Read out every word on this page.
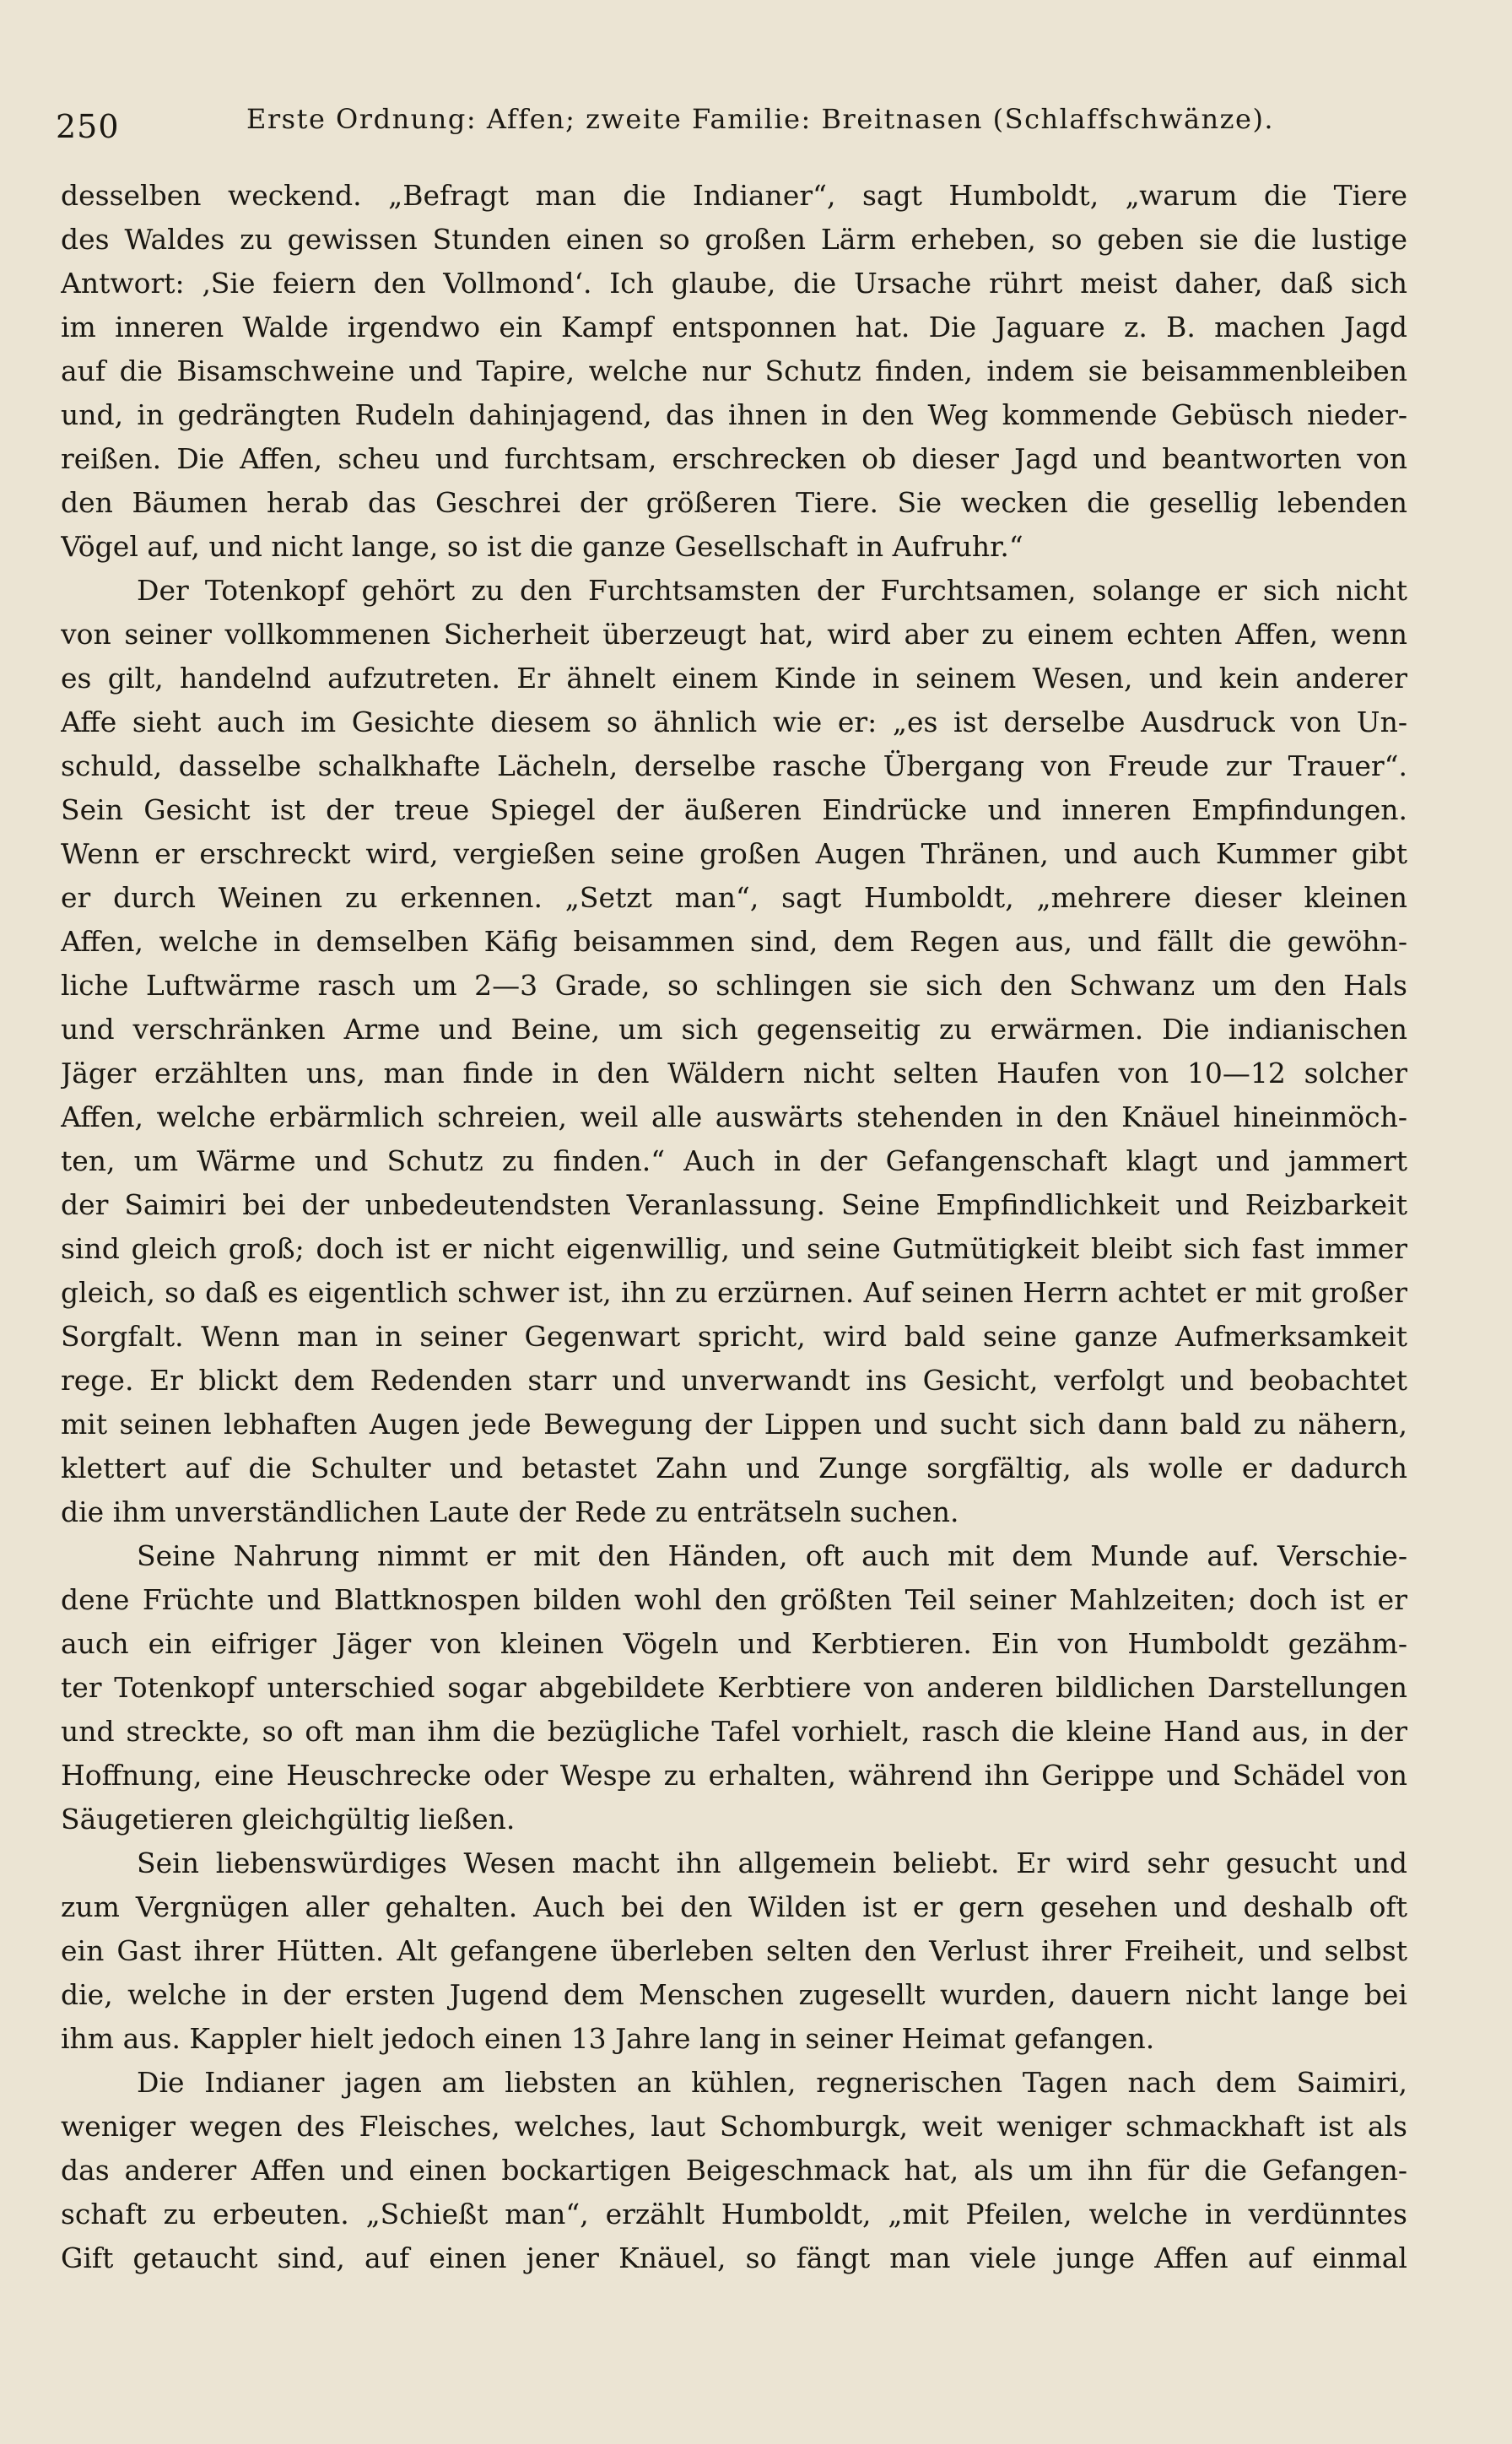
250	Erste Ordnung: Affen; zweite Familie: Breitnasen (Schlaffschwänze).
desselben weckend. „Befragt man die Indianer“, sagt Humboldt, „warum die Tiere
des Waldes zu gewissen Stunden einen so großen Lärm erheben, so geben sie die lustige
Antwort: ‚Sie feiern den Vollmond‘. Ich glaube, die Ursache rührt meist daher, daß sich
im inneren Walde irgendwo ein Kampf entsponnen hat. Die Jaguare z. B. machen Jagd
auf die Bisamschweine und Tapire, welche nur Schutz finden, indem sie beisammenbleiben
und, in gedrängten Rudeln dahinjagend, das ihnen in den Weg kommende Gebüsch nieder-
reißen. Die Affen, scheu und furchtsam, erschrecken ob dieser Jagd und beantworten von
den Bäumen herab das Geschrei der größeren Tiere. Sie wecken die gesellig lebenden
Vögel auf, und nicht lange, so ist die ganze Gesellschaft in Aufruhr.“
Der Totenkopf gehört zu den Furchtsamsten der Furchtsamen, solange er sich nicht
von seiner vollkommenen Sicherheit überzeugt hat, wird aber zu einem echten Affen, wenn
es gilt, handelnd aufzutreten. Er ähnelt einem Kinde in seinem Wesen, und kein anderer
Affe sieht auch im Gesichte diesem so ähnlich wie er: „es ist derselbe Ausdruck von Un-
schuld, dasselbe schalkhafte Lächeln, derselbe rasche Übergang von Freude zur Trauer“.
Sein Gesicht ist der treue Spiegel der äußeren Eindrücke und inneren Empfindungen.
Wenn er erschreckt wird, vergießen seine großen Augen Thränen, und auch Kummer gibt
er durch Weinen zu erkennen. „Setzt man“, sagt Humboldt, „mehrere dieser kleinen
Affen, welche in demselben Käfig beisammen sind, dem Regen aus, und fällt die gewöhn-
liche Luftwärme rasch um 2—3 Grade, so schlingen sie sich den Schwanz um den Hals
und verschränken Arme und Beine, um sich gegenseitig zu erwärmen. Die indianischen
Jäger erzählten uns, man finde in den Wäldern nicht selten Haufen von 10—12 solcher
Affen, welche erbärmlich schreien, weil alle auswärts stehenden in den Knäuel hineinmöch-
ten, um Wärme und Schutz zu finden.“ Auch in der Gefangenschaft klagt und jammert
der Saimiri bei der unbedeutendsten Veranlassung. Seine Empfindlichkeit und Reizbarkeit
sind gleich groß; doch ist er nicht eigenwillig, und seine Gutmütigkeit bleibt sich fast immer
gleich, so daß es eigentlich schwer ist, ihn zu erzürnen. Auf seinen Herrn achtet er mit großer
Sorgfalt. Wenn man in seiner Gegenwart spricht, wird bald seine ganze Aufmerksamkeit
rege. Er blickt dem Redenden starr und unverwandt ins Gesicht, verfolgt und beobachtet
mit seinen lebhaften Augen jede Bewegung der Lippen und sucht sich dann bald zu nähern,
klettert auf die Schulter und betastet Zahn und Zunge sorgfältig, als wolle er dadurch
die ihm unverständlichen Laute der Rede zu enträtseln suchen.
Seine Nahrung nimmt er mit den Händen, oft auch mit dem Munde auf. Verschie-
dene Früchte und Blattknospen bilden wohl den größten Teil seiner Mahlzeiten; doch ist er
auch ein eifriger Jäger von kleinen Vögeln und Kerbtieren. Ein von Humboldt gezähm-
ter Totenkopf unterschied sogar abgebildete Kerbtiere von anderen bildlichen Darstellungen
und streckte, so oft man ihm die bezügliche Tafel vorhielt, rasch die kleine Hand aus, in der
Hoffnung, eine Heuschrecke oder Wespe zu erhalten, während ihn Gerippe und Schädel von
Säugetieren gleichgültig ließen.
Sein liebenswürdiges Wesen macht ihn allgemein beliebt. Er wird sehr gesucht und
zum Vergnügen aller gehalten. Auch bei den Wilden ist er gern gesehen und deshalb oft
ein Gast ihrer Hütten. Alt gefangene überleben selten den Verlust ihrer Freiheit, und selbst
die, welche in der ersten Jugend dem Menschen zugesellt wurden, dauern nicht lange bei
ihm aus. Kappler hielt jedoch einen 13 Jahre lang in seiner Heimat gefangen.
Die Indianer jagen am liebsten an kühlen, regnerischen Tagen nach dem Saimiri,
weniger wegen des Fleisches, welches, laut Schomburgk, weit weniger schmackhaft ist als
das anderer Affen und einen bockartigen Beigeschmack hat, als um ihn für die Gefangen-
schaft zu erbeuten. „Schießt man“, erzählt Humboldt, „mit Pfeilen, welche in verdünntes
Gift getaucht sind, auf einen jener Knäuel, so fängt man viele junge Affen auf einmal
